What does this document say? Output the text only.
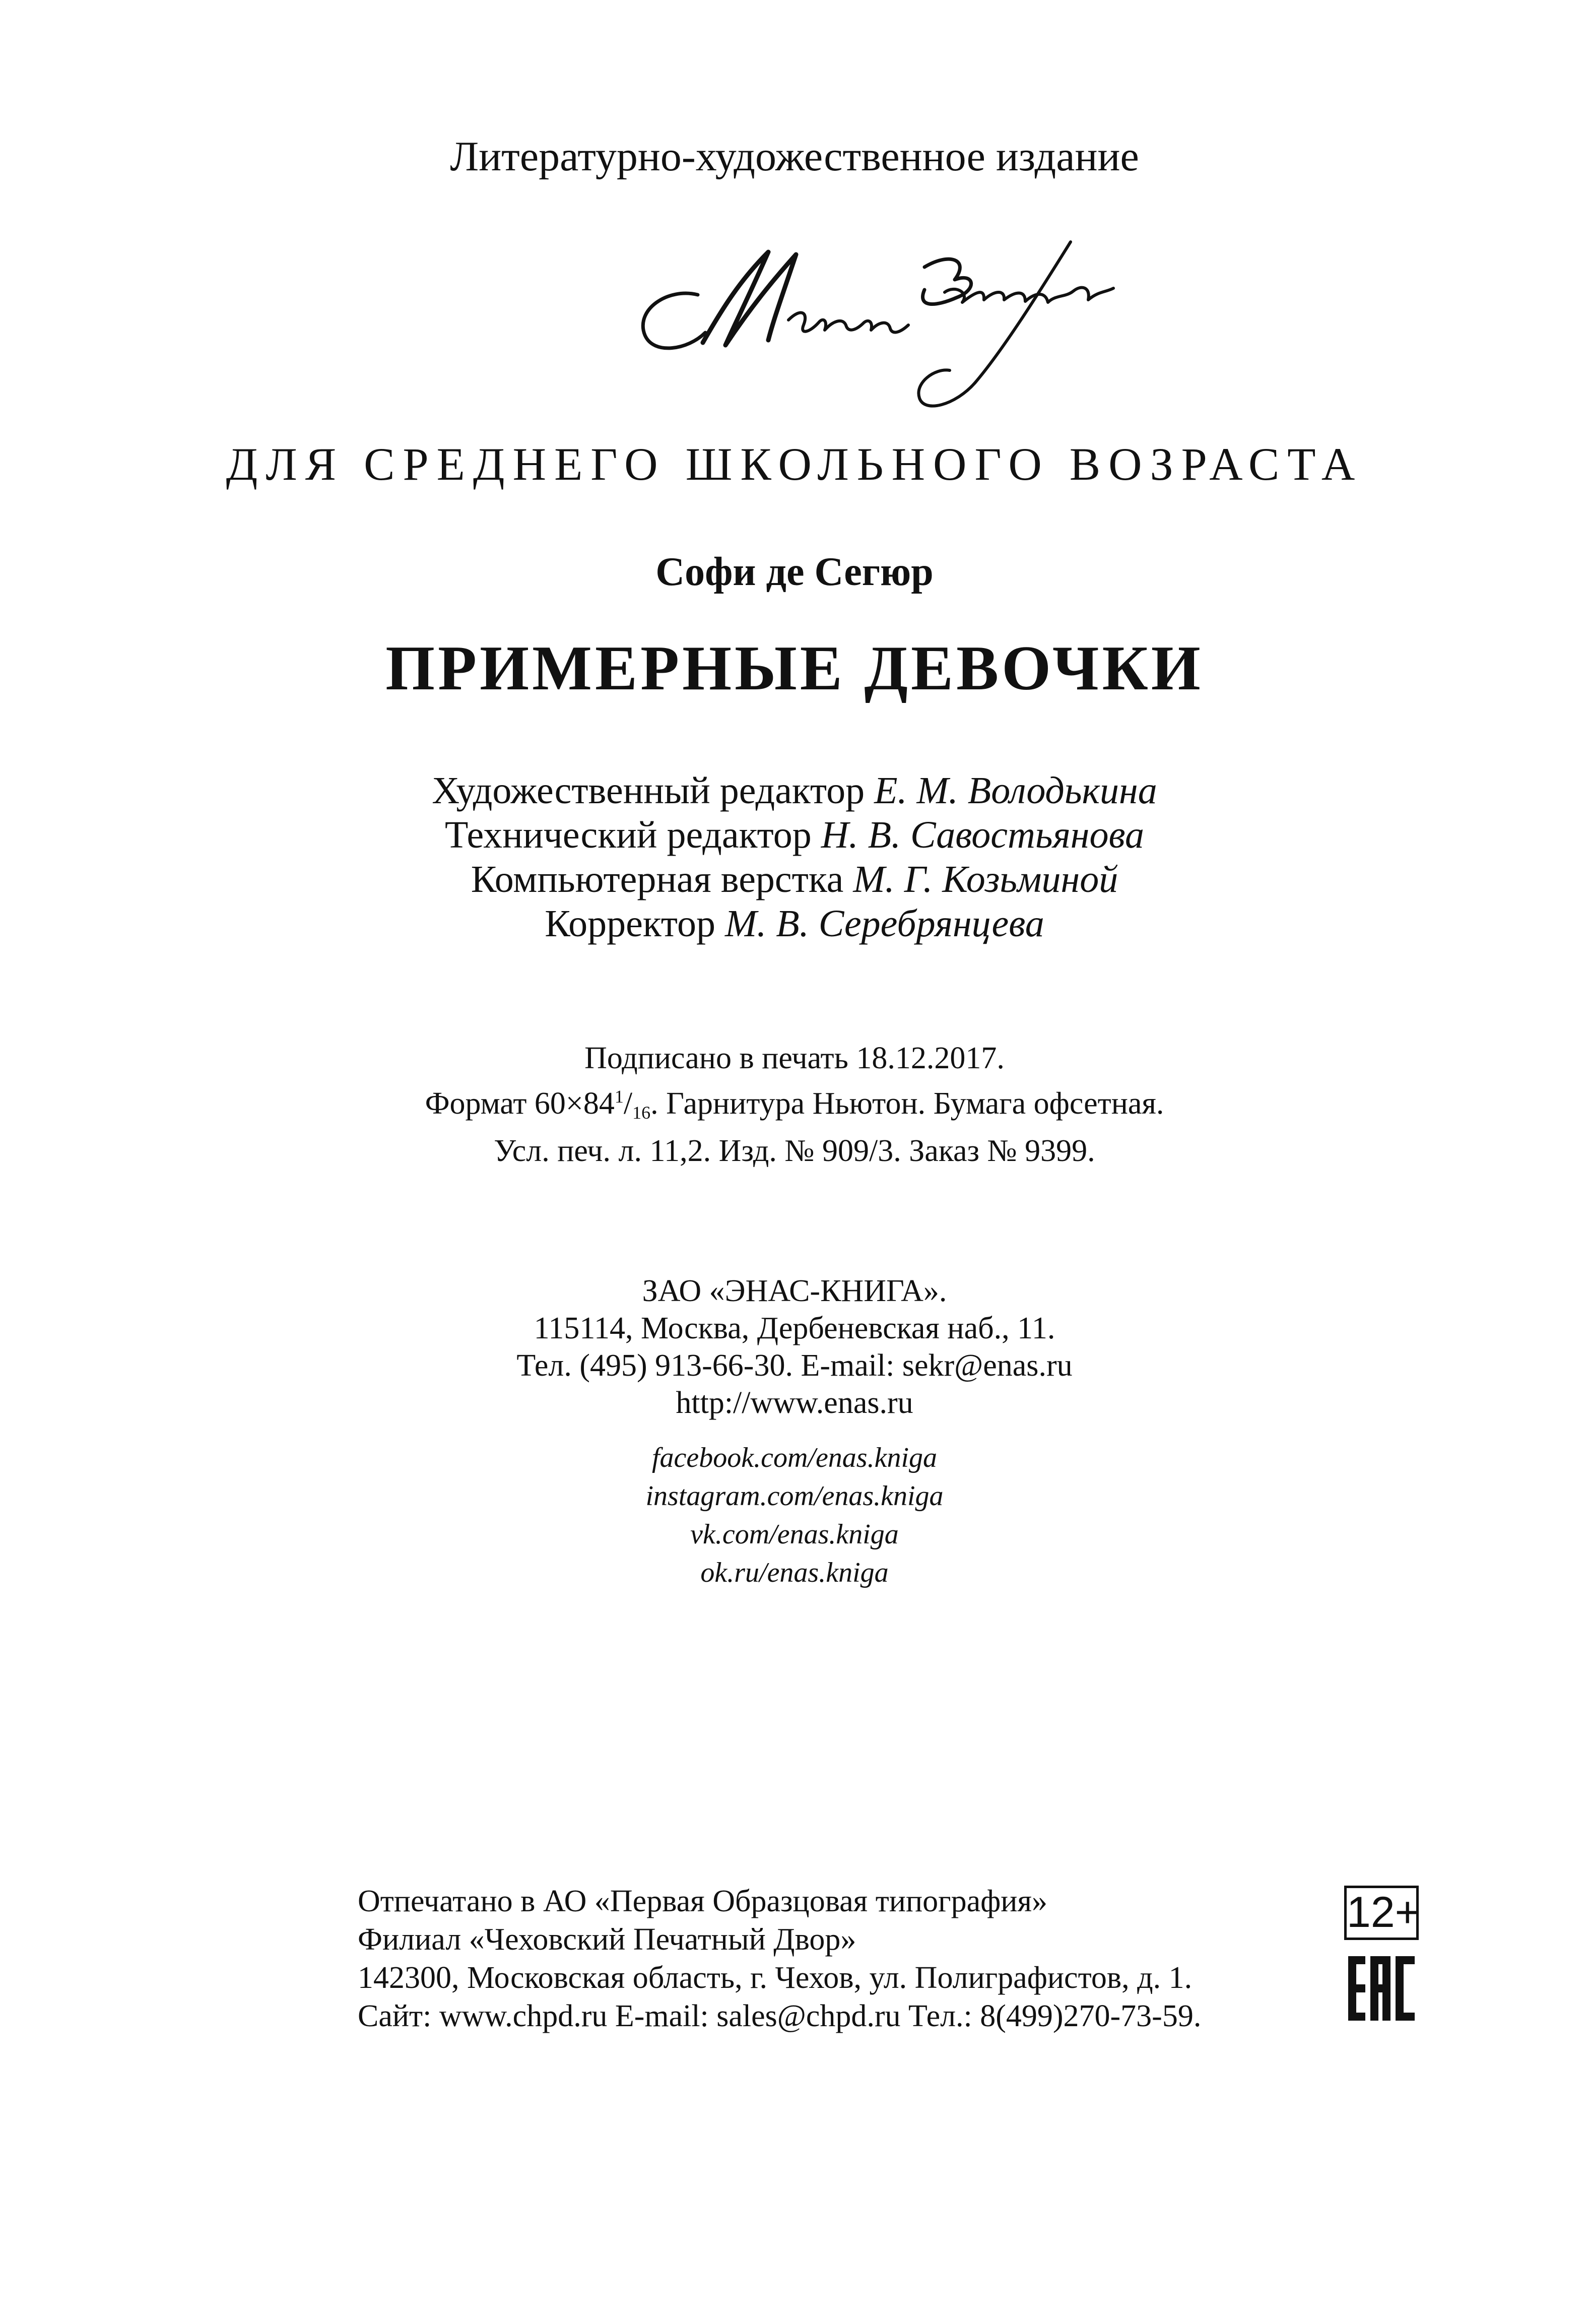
Литературно-художественное издание
ДЛЯ СРЕДНЕГО ШКОЛЬНОГО ВОЗРАСТА
Софи де Сегюр
ПРИМЕРНЫЕ ДЕВОЧКИ
Художественный редактор Е. М. Володькина
Технический редактор Н. В. Савостьянова
Компьютерная верстка М. Г. Козьминой
Корректор М. В. Серебрянцева
Подписано в печать 18.12.2017.
Формат $60\times 84^1/_{16}$. Гарнитура Ньютон. Бумага офсетная.
Усл. печ. л. 11,2. Изд. № 909/3. Заказ № 9399.
ЗАО «ЭНАС-КНИГА».
115114, Москва, Дербеневская наб., 11.
Тел. (495) 913-66-30. E-mail: sekr@enas.ru
http://www.enas.ru
facebook.com/enas.kniga
instagram.com/enas.kniga
vk.com/enas.kniga
ok.ru/enas.kniga
Отпечатано в АО «Первая Образцовая типография»
Филиал «Чеховский Печатный Двор»
142300, Московская область, г. Чехов, ул. Полиграфистов, д. 1.
Сайт: www.chpd.ru E-mail: sales@chpd.ru Тел.: 8(499)270-73-59.
12+
